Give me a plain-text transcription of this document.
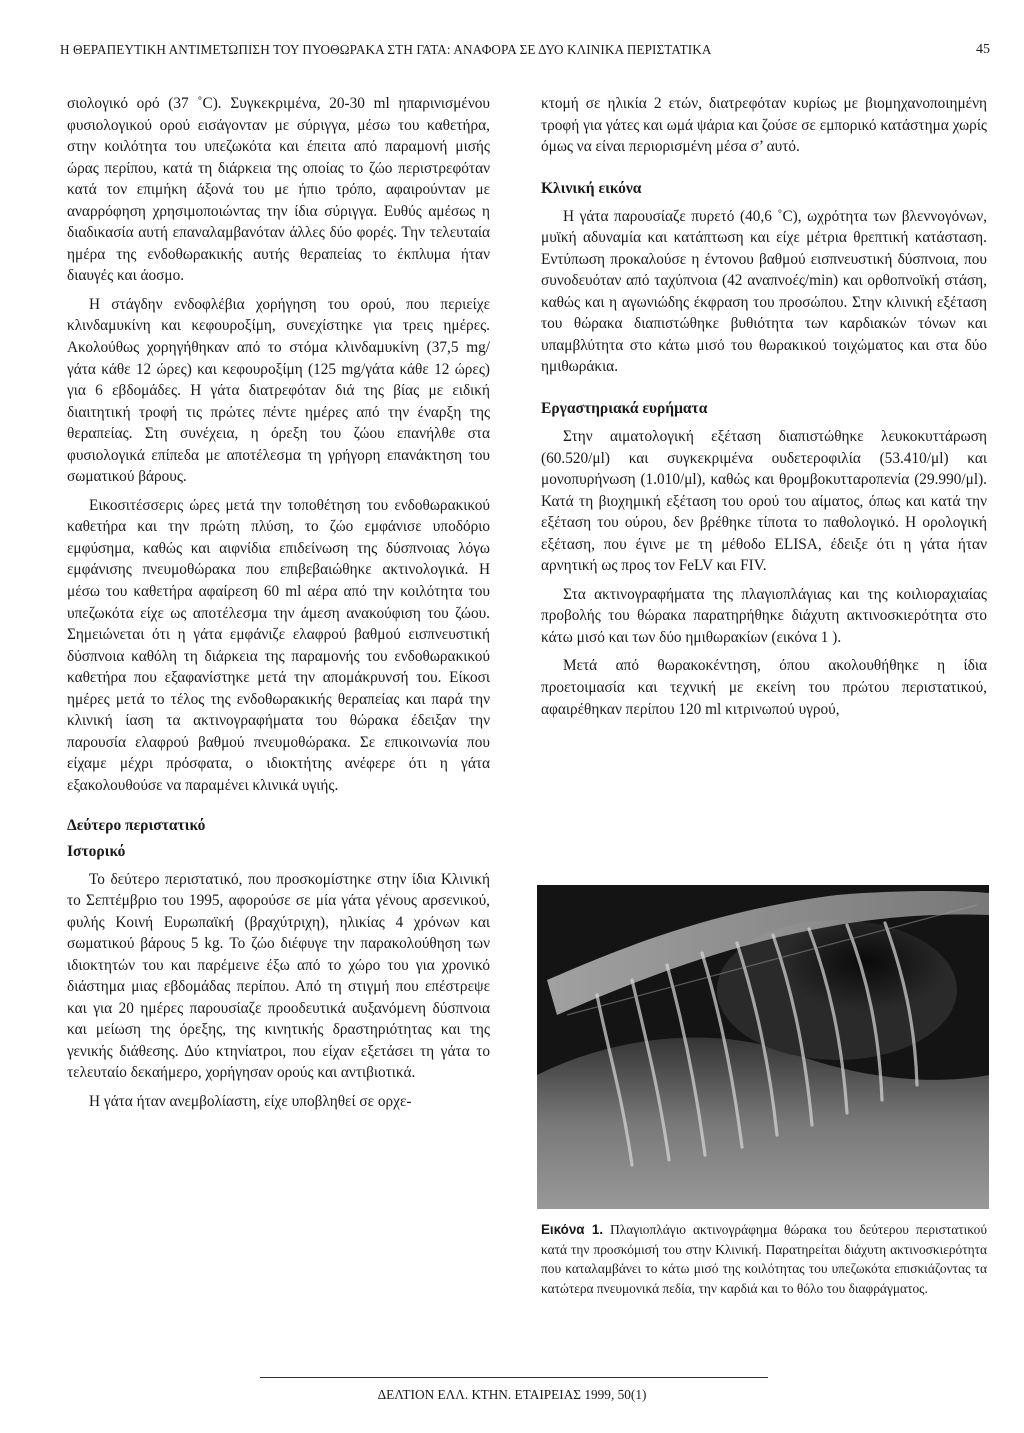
Η ΘΕΡΑΠΕΥΤΙΚΗ ΑΝΤΙΜΕΤΩΠΙΣΗ ΤΟΥ ΠΥΟΘΩΡΑΚΑ ΣΤΗ ΓΑΤΑ: ΑΝΑΦΟΡΑ ΣΕ ΔΥΟ ΚΛΙΝΙΚΑ ΠΕΡΙΣΤΑΤΙΚΑ	45

σιολογικό ορό (37 ˚C). Συγκεκριμένα, 20-30 ml ηπαρινισμένου φυσιολογικού ορού εισάγονταν με σύριγγα, μέσω του καθετήρα, στην κοιλότητα του υπεζωκότα και έπειτα από παραμονή μισής ώρας περίπου, κατά τη διάρκεια της οποίας το ζώο περιστρεφόταν κατά τον επιμήκη άξονά του με ήπιο τρόπο, αφαιρούνταν με αναρρόφηση χρησιμοποιώντας την ίδια σύριγγα. Ευθύς αμέσως η διαδικασία αυτή επαναλαμβανόταν άλλες δύο φορές. Την τελευταία ημέρα της ενδοθωρακικής αυτής θεραπείας το έκπλυμα ήταν διαυγές και άοσμο.

Η στάγδην ενδοφλέβια χορήγηση του ορού, που περιείχε κλινδαμυκίνη και κεφουροξίμη, συνεχίστηκε για τρεις ημέρες. Ακολούθως χορηγήθηκαν από το στόμα κλινδαμυκίνη (37,5 mg/γάτα κάθε 12 ώρες) και κεφουροξίμη (125 mg/γάτα κάθε 12 ώρες) για 6 εβδομάδες. Η γάτα διατρεφόταν διά της βίας με ειδική διαιτητική τροφή τις πρώτες πέντε ημέρες από την έναρξη της θεραπείας. Στη συνέχεια, η όρεξη του ζώου επανήλθε στα φυσιολογικά επίπεδα με αποτέλεσμα τη γρήγορη επανάκτηση του σωματικού βάρους.

Εικοσιτέσσερις ώρες μετά την τοποθέτηση του ενδοθωρακικού καθετήρα και την πρώτη πλύση, το ζώο εμφάνισε υποδόριο εμφύσημα, καθώς και αιφνίδια επιδείνωση της δύσπνοιας λόγω εμφάνισης πνευμοθώρακα που επιβεβαιώθηκε ακτινολογικά. Η μέσω του καθετήρα αφαίρεση 60 ml αέρα από την κοιλότητα του υπεζωκότα είχε ως αποτέλεσμα την άμεση ανακούφιση του ζώου. Σημειώνεται ότι η γάτα εμφάνιζε ελαφρού βαθμού εισπνευστική δύσπνοια καθόλη τη διάρκεια της παραμονής του ενδοθωρακικού καθετήρα που εξαφανίστηκε μετά την απομάκρυνσή του. Είκοσι ημέρες μετά το τέλος της ενδοθωρακικής θεραπείας και παρά την κλινική ίαση τα ακτινογραφήματα του θώρακα έδειξαν την παρουσία ελαφρού βαθμού πνευμοθώρακα. Σε επικοινωνία που είχαμε μέχρι πρόσφατα, ο ιδιοκτήτης ανέφερε ότι η γάτα εξακολουθούσε να παραμένει κλινικά υγιής.

Δεύτερο περιστατικό
Ιστορικό

Το δεύτερο περιστατικό, που προσκομίστηκε στην ίδια Κλινική το Σεπτέμβριο του 1995, αφορούσε σε μία γάτα γένους αρσενικού, φυλής Κοινή Ευρωπαϊκή (βραχύτριχη), ηλικίας 4 χρόνων και σωματικού βάρους 5 kg. Το ζώο διέφυγε την παρακολούθηση των ιδιοκτητών του και παρέμεινε έξω από το χώρο του για χρονικό διάστημα μιας εβδομάδας περίπου. Από τη στιγμή που επέστρεψε και για 20 ημέρες παρουσίαζε προοδευτικά αυξανόμενη δύσπνοια και μείωση της όρεξης, της κινητικής δραστηριότητας και της γενικής διάθεσης. Δύο κτηνίατροι, που είχαν εξετάσει τη γάτα το τελευταίο δεκαήμερο, χορήγησαν ορούς και αντιβιοτικά.

Η γάτα ήταν ανεμβολίαστη, είχε υποβληθεί σε ορχε-

κτομή σε ηλικία 2 ετών, διατρεφόταν κυρίως με βιομηχανοποιημένη τροφή για γάτες και ωμά ψάρια και ζούσε σε εμπορικό κατάστημα χωρίς όμως να είναι περιορισμένη μέσα σ’ αυτό.

Κλινική εικόνα

Η γάτα παρουσίαζε πυρετό (40,6 ˚C), ωχρότητα των βλεννογόνων, μυϊκή αδυναμία και κατάπτωση και είχε μέτρια θρεπτική κατάσταση. Εντύπωση προκαλούσε η έντονου βαθμού εισπνευστική δύσπνοια, που συνοδευόταν από ταχύπνοια (42 αναπνοές/min) και ορθοπνοϊκή στάση, καθώς και η αγωνιώδης έκφραση του προσώπου. Στην κλινική εξέταση του θώρακα διαπιστώθηκε βυθιότητα των καρδιακών τόνων και υπαμβλύτητα στο κάτω μισό του θωρακικού τοιχώματος και στα δύο ημιθωράκια.

Εργαστηριακά ευρήματα

Στην αιματολογική εξέταση διαπιστώθηκε λευκοκυττάρωση (60.520/μl) και συγκεκριμένα ουδετεροφιλία (53.410/μl) και μονοπυρήνωση (1.010/μl), καθώς και θρομβοκυτταροπενία (29.990/μl). Κατά τη βιοχημική εξέταση του ορού του αίματος, όπως και κατά την εξέταση του ούρου, δεν βρέθηκε τίποτα το παθολογικό. Η ορολογική εξέταση, που έγινε με τη μέθοδο ELISA, έδειξε ότι η γάτα ήταν αρνητική ως προς τον FeLV και FIV.

Στα ακτινογραφήματα της πλαγιοπλάγιας και της κοιλιοραχιαίας προβολής του θώρακα παρατηρήθηκε διάχυτη ακτινοσκιερότητα στο κάτω μισό και των δύο ημιθωρακίων (εικόνα 1 ).

Μετά από θωρακοκέντηση, όπου ακολουθήθηκε η ίδια προετοιμασία και τεχνική με εκείνη του πρώτου περιστατικού, αφαιρέθηκαν περίπου 120 ml κιτρινωπού υγρού,

Εικόνα 1. Πλαγιοπλάγιο ακτινογράφημα θώρακα του δεύτερου περιστατικού κατά την προσκόμισή του στην Κλινική. Παρατηρείται διάχυτη ακτινοσκιερότητα που καταλαμβάνει το κάτω μισό της κοιλότητας του υπεζωκότα επισκιάζοντας τα κατώτερα πνευμονικά πεδία, την καρδιά και το θόλο του διαφράγματος.
ΔΕΛΤΙΟΝ ΕΛΛ. ΚΤΗΝ. ΕΤΑΙΡΕΙΑΣ 1999, 50(1)
